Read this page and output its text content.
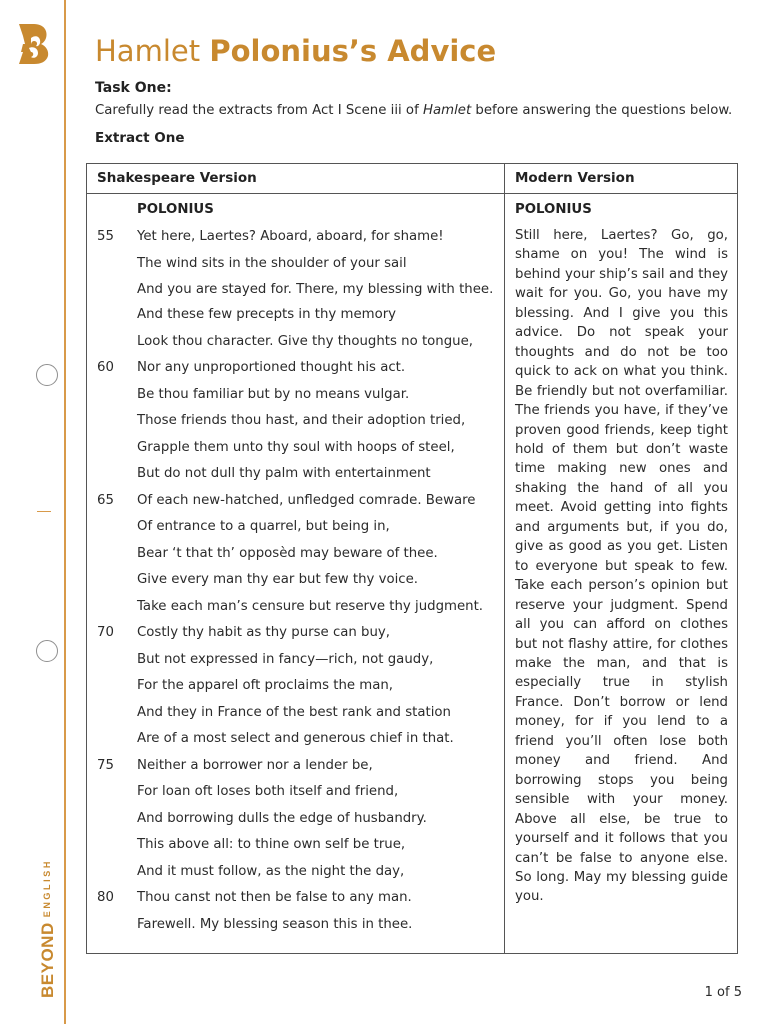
BEYONDENGLISH
Hamlet Polonius’s Advice
Task One:
Carefully read the extracts from Act I Scene iii of Hamlet before answering the questions below.
Extract One
Shakespeare Version	Modern Version
POLONIUS	POLONIUS
55 Yet here, Laertes? Aboard, aboard, for shame!
The wind sits in the shoulder of your sail
And you are stayed for. There, my blessing with thee.
And these few precepts in thy memory
Look thou character. Give thy thoughts no tongue,
60 Nor any unproportioned thought his act.
Be thou familiar but by no means vulgar.
Those friends thou hast, and their adoption tried,
Grapple them unto thy soul with hoops of steel,
But do not dull thy palm with entertainment
65 Of each new-hatched, unfledged comrade. Beware
Of entrance to a quarrel, but being in,
Bear ‘t that th’ opposèd may beware of thee.
Give every man thy ear but few thy voice.
Take each man’s censure but reserve thy judgment.
70 Costly thy habit as thy purse can buy,
But not expressed in fancy—rich, not gaudy,
For the apparel oft proclaims the man,
And they in France of the best rank and station
Are of a most select and generous chief in that.
75 Neither a borrower nor a lender be,
For loan oft loses both itself and friend,
And borrowing dulls the edge of husbandry.
This above all: to thine own self be true,
And it must follow, as the night the day,
80 Thou canst not then be false to any man.
Farewell. My blessing season this in thee.

Still here, Laertes? Go, go, shame on you! The wind is behind your ship’s sail and they wait for you. Go, you have my blessing. And I give you this advice. Do not speak your thoughts and do not be too quick to ack on what you think. Be friendly but not overfamiliar. The friends you have, if they’ve proven good friends, keep tight hold of them but don’t waste time making new ones and shaking the hand of all you meet. Avoid getting into fights and arguments but, if you do, give as good as you get. Listen to everyone but speak to few. Take each person’s opinion but reserve your judgment. Spend all you can afford on clothes but not flashy attire, for clothes make the man, and that is especially true in stylish France. Don’t borrow or lend money, for if you lend to a friend you’ll often lose both money and friend. And borrowing stops you being sensible with your money. Above all else, be true to yourself and it follows that you can’t be false to anyone else. So long. May my blessing guide you.

1 of 5
